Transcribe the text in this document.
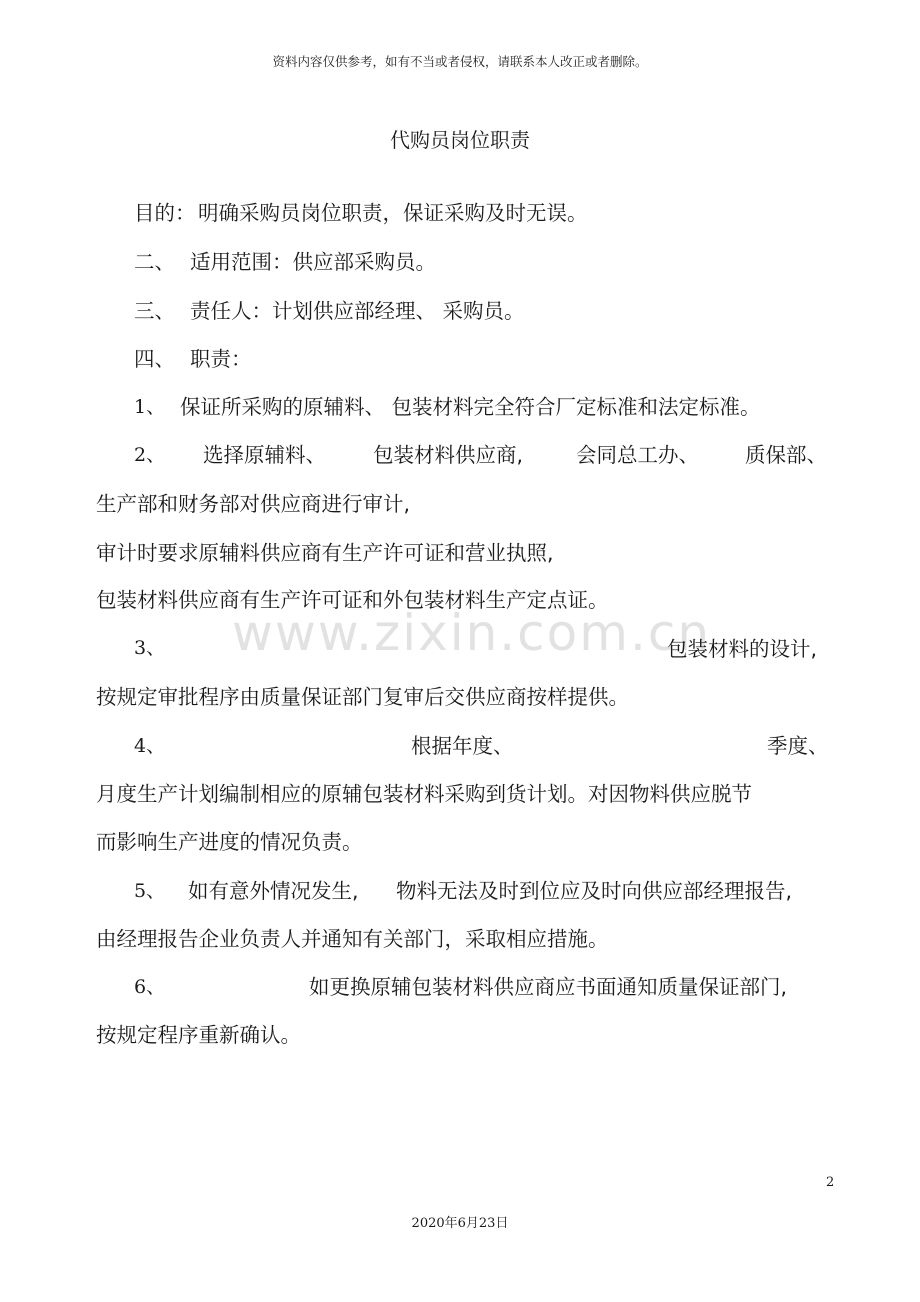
资料内容仅供参考，如有不当或者侵权，请联系本人改正或者删除。
代购员岗位职责
www.zixin.com.cn
目的： 明确采购员岗位职责，保证采购及时无误。
二、 适用范围：供应部采购员。
三、 责任人：计划供应部经理、 采购员。
四、 职责：
1、 保证所采购的原辅料、 包装材料完全符合厂定标准和法定标准。
2、 选择原辅料、 包装材料供应商,	会同总工办、 质保部、
生产部和财务部对供应商进行审计,
审计时要求原辅料供应商有生产许可证和营业执照,
包装材料供应商有生产许可证和外包装材料生产定点证。
3、	包装材料的设计,
按规定审批程序由质量保证部门复审后交供应商按样提供。
4、	根据年度、	季度、
月度生产计划编制相应的原辅包装材料采购到货计划。对因物料供应脱节
而影响生产进度的情况负责。
5、 如有意外情况发生, 物料无法及时到位应及时向供应部经理报告,
由经理报告企业负责人并通知有关部门，采取相应措施。
6、	如更换原辅包装材料供应商应书面通知质量保证部门,
按规定程序重新确认。
2
2020年6月23日
